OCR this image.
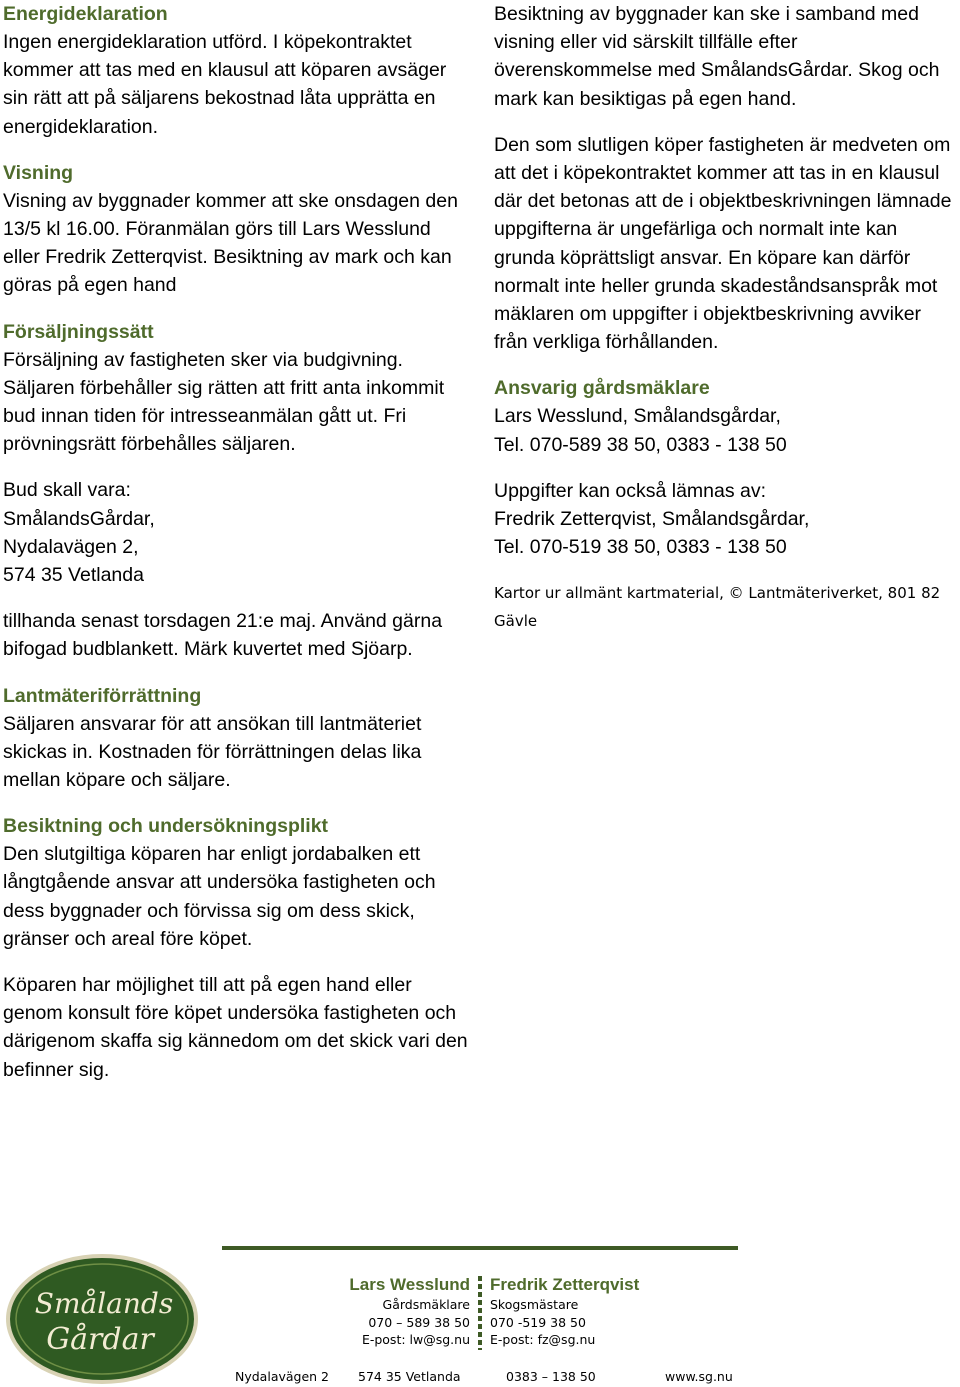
Energideklaration

Ingen energideklaration utförd. I köpekontraktet kommer att tas med en klausul att köparen avsäger sin rätt att på säljarens bekostnad låta upprätta en energideklaration.

Visning

Visning av byggnader kommer att ske onsdagen den 13/5 kl 16.00. Föranmälan görs till Lars Wesslund eller Fredrik Zetterqvist. Besiktning av mark och kan göras på egen hand

Försäljningssätt

Försäljning av fastigheten sker via budgivning. Säljaren förbehåller sig rätten att fritt anta inkommit bud innan tiden för intresseanmälan gått ut. Fri prövningsrätt förbehålles säljaren.

Bud skall vara:
SmålandsGårdar,
Nydalavägen 2,
574 35 Vetlanda

tillhanda senast torsdagen 21:e maj. Använd gärna bifogad budblankett. Märk kuvertet med Sjöarp.

Lantmäteriförrättning

Säljaren ansvarar för att ansökan till lantmäteriet skickas in. Kostnaden för förrättningen delas lika mellan köpare och säljare.

Besiktning och undersökningsplikt

Den slutgiltiga köparen har enligt jordabalken ett långtgående ansvar att undersöka fastigheten och dess byggnader och förvissa sig om dess skick, gränser och areal före köpet.

Köparen har möjlighet till att på egen hand eller genom konsult före köpet undersöka fastigheten och därigenom skaffa sig kännedom om det skick vari den befinner sig.

Besiktning av byggnader kan ske i samband med visning eller vid särskilt tillfälle efter överenskommelse med SmålandsGårdar. Skog och mark kan besiktigas på egen hand.

Den som slutligen köper fastigheten är medveten om att det i köpekontraktet kommer att tas in en klausul där det betonas att de i objektbeskrivningen lämnade uppgifterna är ungefärliga och normalt inte kan grunda köprättsligt ansvar. En köpare kan därför normalt inte heller grunda skadeståndsanspråk mot mäklaren om uppgifter i objektbeskrivning avviker från verkliga förhållanden.

Ansvarig gårdsmäklare

Lars Wesslund, Smålandsgårdar,
Tel. 070-589 38 50, 0383 - 138 50

Uppgifter kan också lämnas av:
Fredrik Zetterqvist, Smålandsgårdar,
Tel. 070-519 38 50, 0383 - 138 50

Kartor ur allmänt kartmaterial, © Lantmäteriverket, 801 82 Gävle
Smålands
Gårdar
Lars Wesslund
Gårdsmäklare
070 – 589 38 50
E-post: lw@sg.nu
Fredrik Zetterqvist
Skogsmästare
070 -519 38 50
E-post: fz@sg.nu
Nydalavägen 2 574 35 Vetlanda	0383 – 138 50	www.sg.nu
